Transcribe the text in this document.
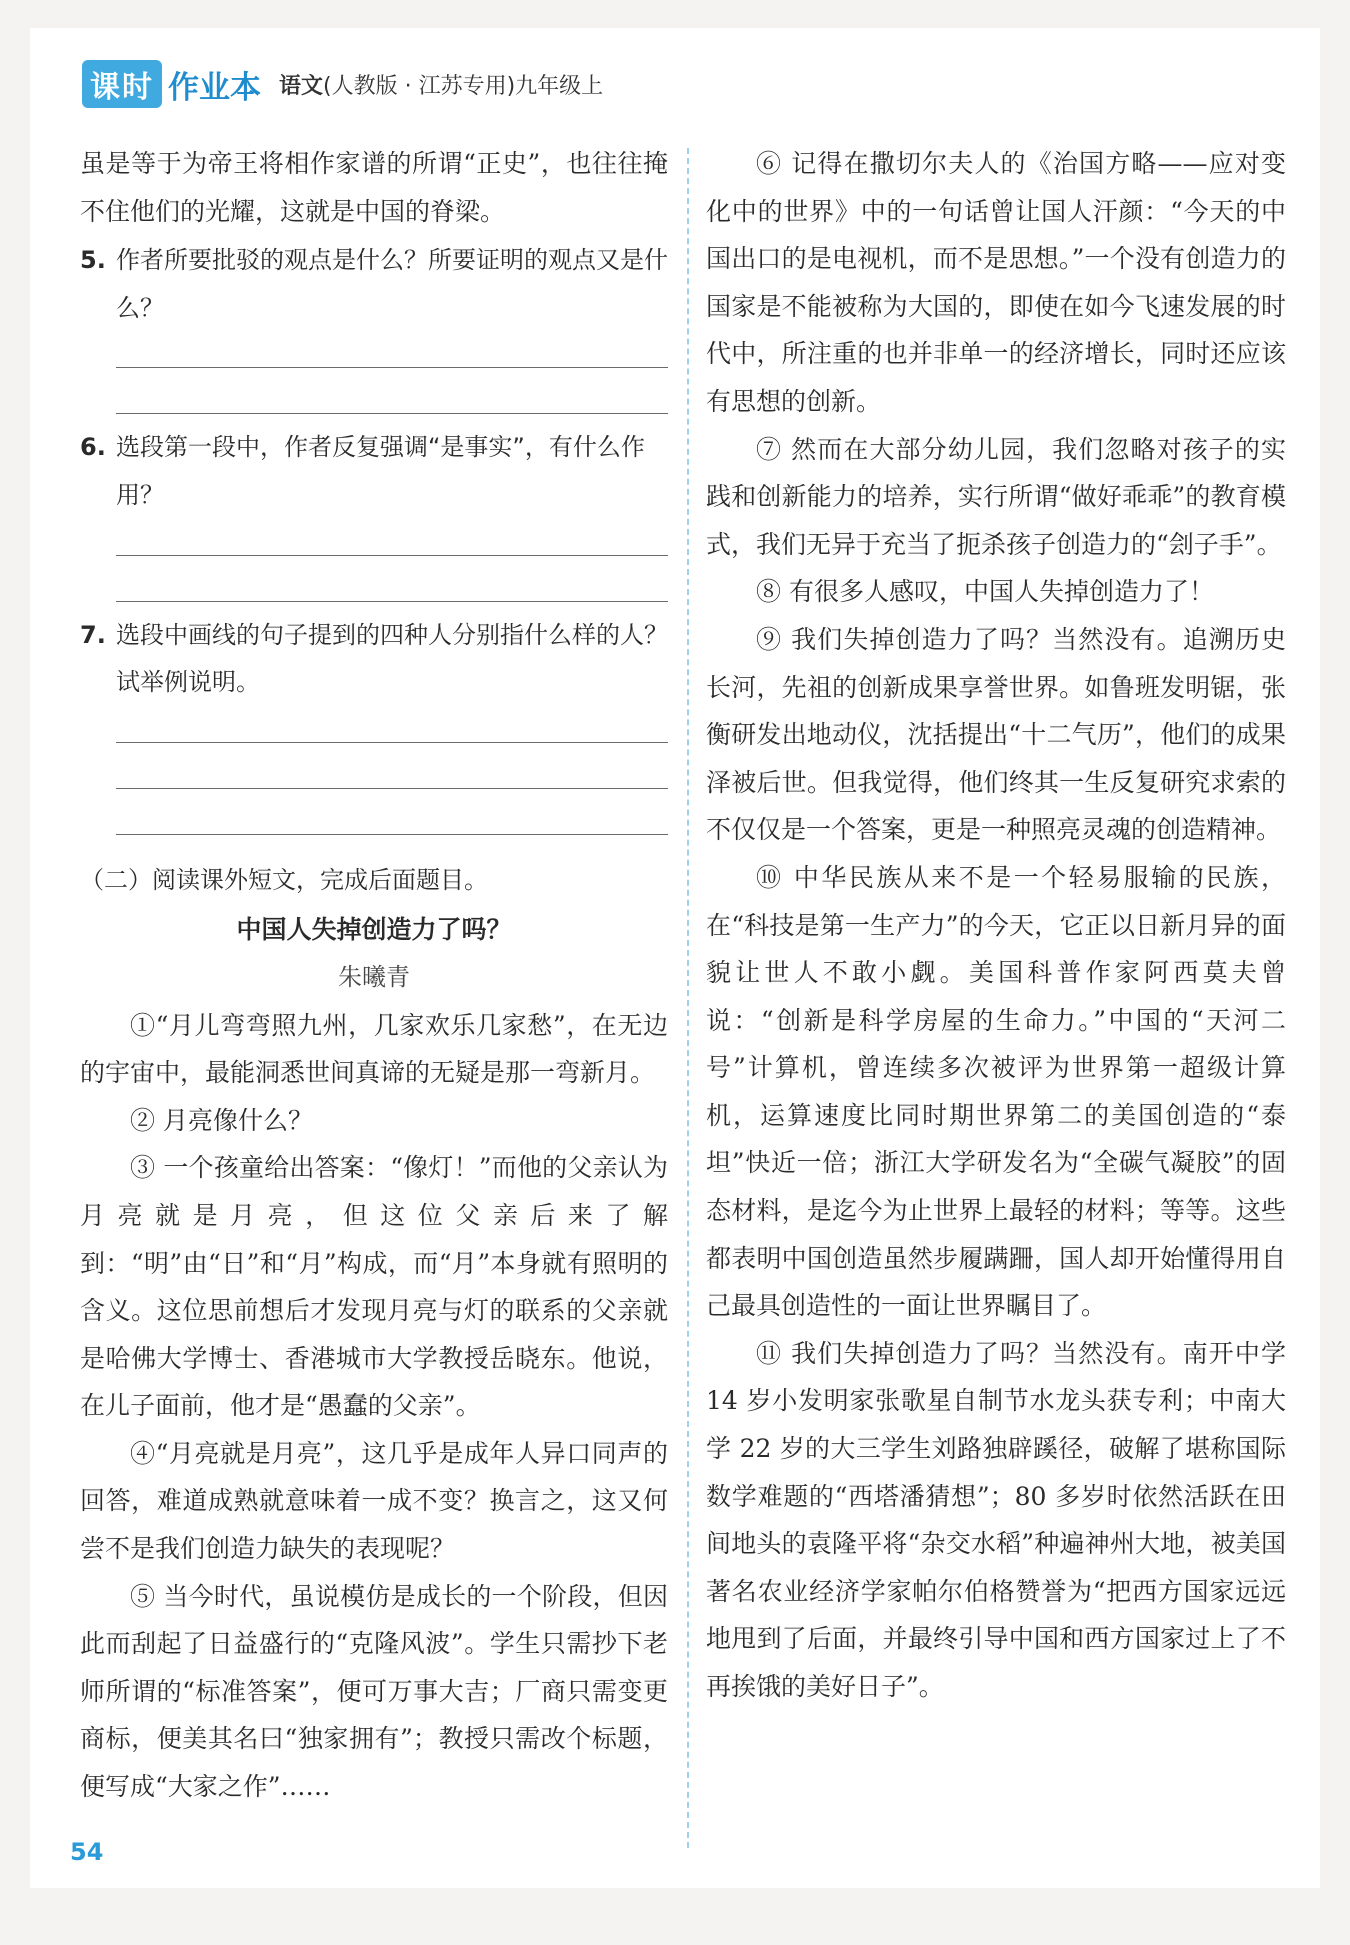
课时 作业本 语文(人教版 · 江苏专用)九年级上

虽是等于为帝王将相作家谱的所谓“正史”，也往往掩不住他们的光耀，这就是中国的脊梁。

5. 作者所要批驳的观点是什么？所要证明的观点又是什么？
6. 选段第一段中，作者反复强调“是事实”，有什么作用？
7. 选段中画线的句子提到的四种人分别指什么样的人？试举例说明。
（二）阅读课外短文，完成后面题目。
中国人失掉创造力了吗？
朱曦青

①“月儿弯弯照九州，几家欢乐几家愁”，在无边的宇宙中，最能洞悉世间真谛的无疑是那一弯新月。

② 月亮像什么？

③ 一个孩童给出答案：“像灯！”而他的父亲认为月亮就是月亮，但这位父亲后来了解到：“明”由“日”和“月”构成，而“月”本身就有照明的含义。这位思前想后才发现月亮与灯的联系的父亲就是哈佛大学博士、香港城市大学教授岳晓东。他说，在儿子面前，他才是“愚蠢的父亲”。

④“月亮就是月亮”，这几乎是成年人异口同声的回答，难道成熟就意味着一成不变？换言之，这又何尝不是我们创造力缺失的表现呢？

⑤ 当今时代，虽说模仿是成长的一个阶段，但因此而刮起了日益盛行的“克隆风波”。学生只需抄下老师所谓的“标准答案”，便可万事大吉；厂商只需变更商标，便美其名曰“独家拥有”；教授只需改个标题，便写成“大家之作”……

⑥ 记得在撒切尔夫人的《治国方略——应对变化中的世界》中的一句话曾让国人汗颜：“今天的中国出口的是电视机，而不是思想。”一个没有创造力的国家是不能被称为大国的，即使在如今飞速发展的时代中，所注重的也并非单一的经济增长，同时还应该有思想的创新。

⑦ 然而在大部分幼儿园，我们忽略对孩子的实践和创新能力的培养，实行所谓“做好乖乖”的教育模式，我们无异于充当了扼杀孩子创造力的“刽子手”。

⑧ 有很多人感叹，中国人失掉创造力了！

⑨ 我们失掉创造力了吗？当然没有。追溯历史长河，先祖的创新成果享誉世界。如鲁班发明锯，张衡研发出地动仪，沈括提出“十二气历”，他们的成果泽被后世。但我觉得，他们终其一生反复研究求索的不仅仅是一个答案，更是一种照亮灵魂的创造精神。

⑩ 中华民族从来不是一个轻易服输的民族，在“科技是第一生产力”的今天，它正以日新月异的面貌让世人不敢小觑。美国科普作家阿西莫夫曾说：“创新是科学房屋的生命力。”中国的“天河二号”计算机，曾连续多次被评为世界第一超级计算机，运算速度比同时期世界第二的美国创造的“泰坦”快近一倍；浙江大学研发名为“全碳气凝胶”的固态材料，是迄今为止世界上最轻的材料；等等。这些都表明中国创造虽然步履蹒跚，国人却开始懂得用自己最具创造性的一面让世界瞩目了。

⑪ 我们失掉创造力了吗？当然没有。南开中学 14 岁小发明家张歌星自制节水龙头获专利；中南大学 22 岁的大三学生刘路独辟蹊径，破解了堪称国际数学难题的“西塔潘猜想”；80 多岁时依然活跃在田间地头的袁隆平将“杂交水稻”种遍神州大地，被美国著名农业经济学家帕尔伯格赞誉为“把西方国家远远地甩到了后面，并最终引导中国和西方国家过上了不再挨饿的美好日子”。

54
